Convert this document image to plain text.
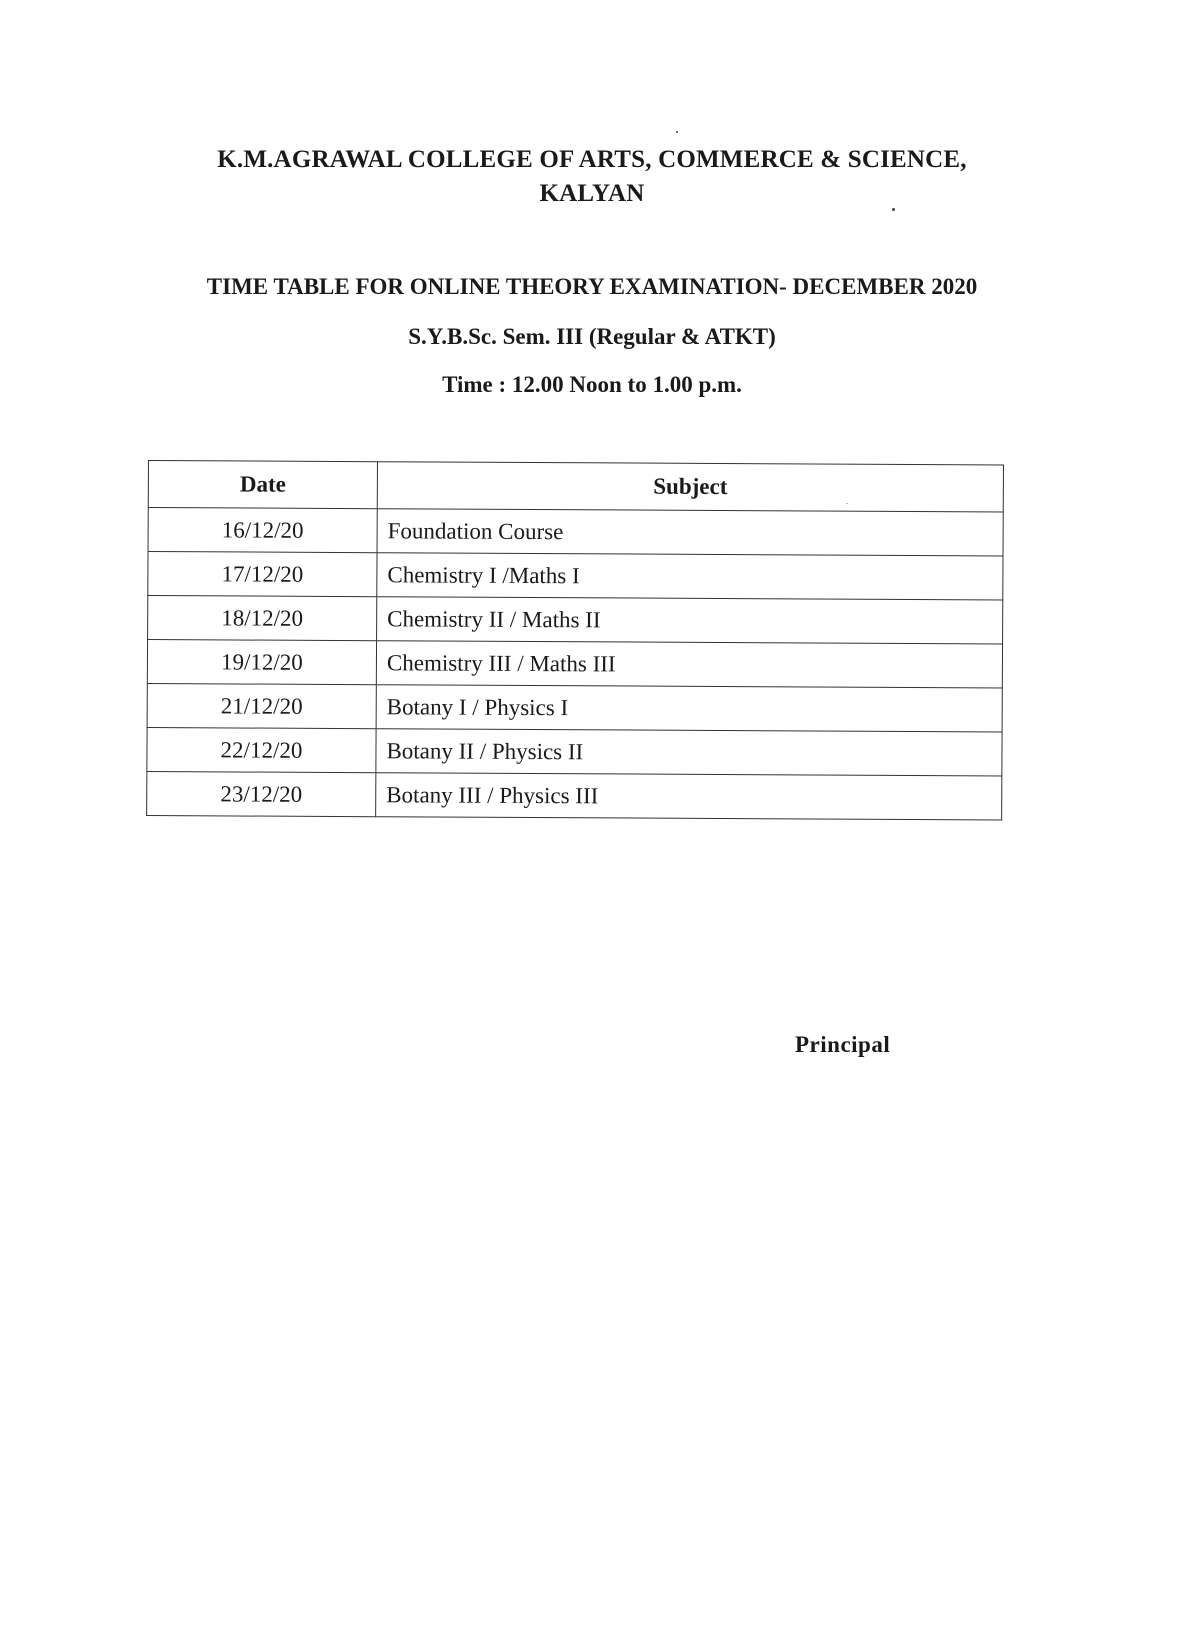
K.M.AGRAWAL COLLEGE OF ARTS, COMMERCE & SCIENCE,
KALYAN
TIME TABLE FOR ONLINE THEORY EXAMINATION- DECEMBER 2020
S.Y.B.Sc. Sem. III (Regular & ATKT)
Time : 12.00 Noon to 1.00 p.m.
Date	Subject
16/12/20	Foundation Course
17/12/20	Chemistry I /Maths I
18/12/20	Chemistry II / Maths II
19/12/20	Chemistry III / Maths III
21/12/20	Botany I / Physics I
22/12/20	Botany II / Physics II
23/12/20	Botany III / Physics III
Principal
